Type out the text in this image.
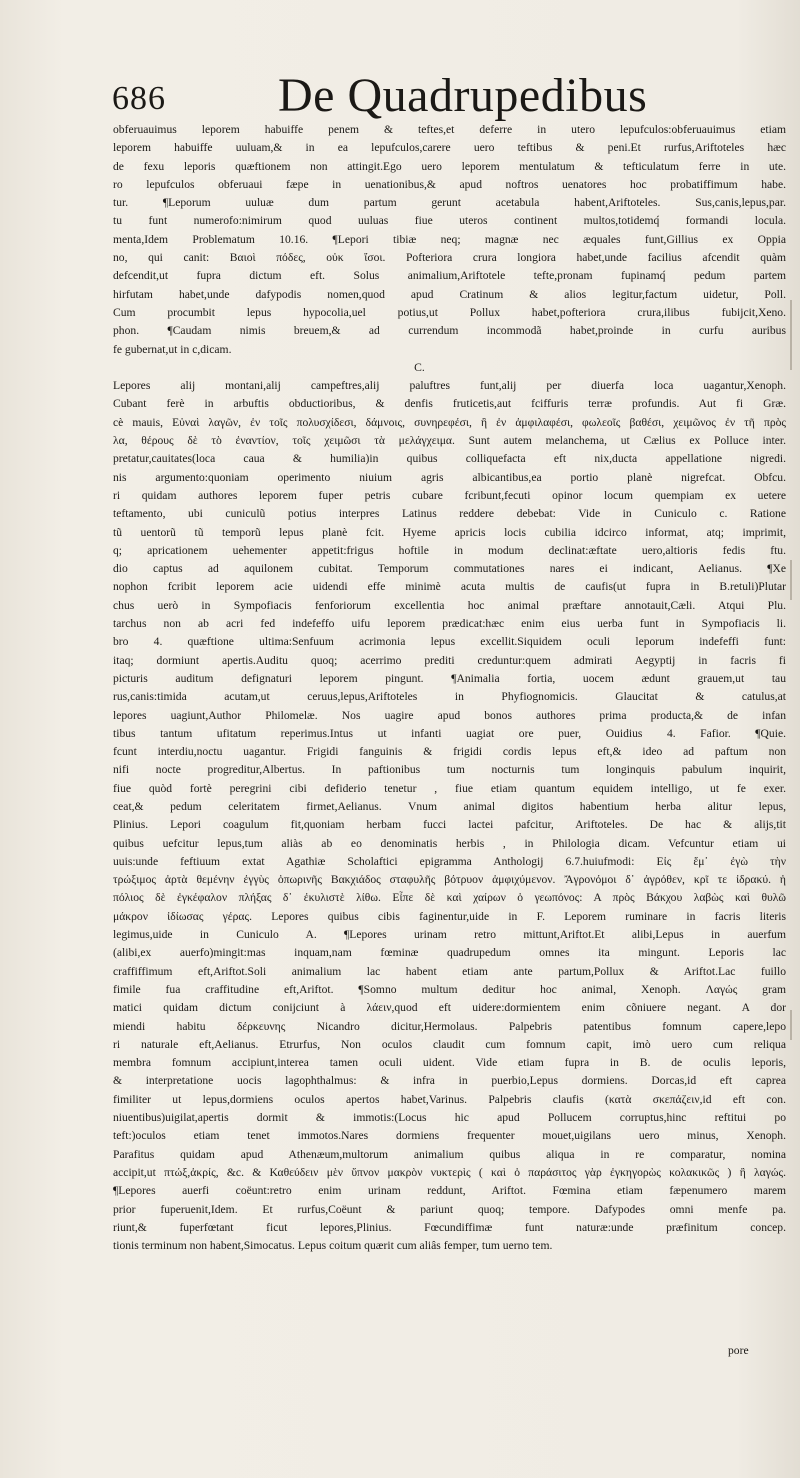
686 De Quadrupedibus
obferuauimus leporem habuiffe penem & teftes,et deferre in utero lepufculos:obferuauimus etiam
leporem habuiffe uuluam,& in ea lepufculos,carere uero teftibus & peni.Et rurfus,Ariftoteles hæc
de fexu leporis quæftionem non attingit.Ego uero leporem mentulatum & tefticulatum ferre in ute.
ro lepufculos obferuaui fæpe in uenationibus,& apud noftros uenatores hoc probatiffimum habe.
tur. ¶Leporum uuluæ dum partum gerunt acetabula habent,Ariftoteles. Sus,canis,lepus,par.
tu funt numerofo:nimirum quod uuluas fiue uteros continent multos,totidemq́ formandi locula.
menta,Idem Problematum 10.16. ¶Lepori tibiæ neq; magnæ nec æquales funt,Gillius ex Oppia
no, qui canit: Βαιοὶ πόδες, οὐκ ἴσοι. Pofteriora crura longiora habet,unde facilius afcendit quàm
defcendit,ut fupra dictum eft. Solus animalium,Ariftotele tefte,pronam fupinamq́ pedum partem
hirfutam habet,unde dafypodis nomen,quod apud Cratinum & alios legitur,factum uidetur, Poll.
Cum procumbit lepus hypocolia,uel potius,ut Pollux habet,pofteriora crura,ilibus fubijcit,Xeno.
phon. ¶Caudam nimis breuem,& ad currendum incommodã habet,proinde in curfu auribus
fe gubernat,ut in c,dicam.
C.
Lepores alij montani,alij campeftres,alij paluftres funt,alij per diuerfa loca uagantur,Xenoph.
Cubant ferè in arbuftis obductioribus, & denfis fruticetis,aut fciffuris terræ profundis. Aut fi Græ.
cè mauis, Εὐναὶ λαγῶν, ἐν τοῖς πολυσχίδεσι, δάμνοις, συνηρεφέσι, ἢ ἐν ἀμφιλαφέσι, φωλεοῖς βαθέσι, χειμῶνος ἐν τῆ πρὸς
λα, θέρους δὲ τὸ ἐναντίον, τοῖς χειμῶσι τὰ μελάγχειμα. Sunt autem melanchema, ut Cælius ex Polluce inter.
pretatur,cauitates(loca caua & humilia)in quibus colliquefacta eft nix,ducta appellatione nigredi.
nis argumento:quoniam operimento niuium agris albicantibus,ea portio planè nigrefcat. Obfcu.
ri quidam authores leporem fuper petris cubare fcribunt,fecuti opinor locum quempiam ex uetere
teftamento, ubi cuniculũ potius interpres Latinus reddere debebat: Vide in Cuniculo c. Ratione
tũ uentorũ tũ temporũ lepus planè fcit. Hyeme apricis locis cubilia idcirco informat, atq; imprimit,
q; apricationem uehementer appetit:frigus hoftile in modum declinat:æftate uero,altioris fedis ftu.
dio captus ad aquilonem cubitat. Temporum commutationes nares ei indicant, Aelianus. ¶Xe
nophon fcribit leporem acie uidendi effe minimè acuta multis de caufis(ut fupra in B.retuli)Plutar
chus uerò in Sympofiacis fenforiorum excellentia hoc animal præftare annotauit,Cæli. Atqui Plu.
tarchus non ab acri fed indefeffo uifu leporem prædicat:hæc enim eius uerba funt in Sympofiacis li.
bro 4. quæftione ultima:Senfuum acrimonia lepus excellit.Siquidem oculi leporum indefeffi funt:
itaq; dormiunt apertis.Auditu quoq; acerrimo prediti creduntur:quem admirati Aegyptij in facris fi
picturis auditum defignaturi leporem pingunt. ¶Animalia fortia, uocem ædunt grauem,ut tau
rus,canis:timida acutam,ut ceruus,lepus,Ariftoteles in Phyfiognomicis. Glaucitat & catulus,at
lepores uagiunt,Author Philomelæ. Nos uagire apud bonos authores prima producta,& de infan
tibus tantum ufitatum reperimus.Intus ut infanti uagiat ore puer, Ouidius 4. Fafior. ¶Quie.
fcunt interdiu,noctu uagantur. Frigidi fanguinis & frigidi cordis lepus eft,& ideo ad paftum non
nifi nocte progreditur,Albertus. In paftionibus tum nocturnis tum longinquis pabulum inquirit,
fiue quòd fortè peregrini cibi defiderio tenetur , fiue etiam quantum equidem intelligo, ut fe exer.
ceat,& pedum celeritatem firmet,Aelianus. Vnum animal digitos habentium herba alitur lepus,
Plinius. Lepori coagulum fit,quoniam herbam fucci lactei pafcitur, Ariftoteles. De hac & alijs,tit
quibus uefcitur lepus,tum aliàs ab eo denominatis herbis , in Philologia dicam. Vefcuntur etiam ui
uuis:unde feftiuum extat Agathiæ Scholaftici epigramma Anthologij 6.7.huiufmodi: Εἰς ἔμ᾽ ἐγὼ τὴν
τρώξιμος ἀρτὰ θεμένην ἐγγὺς ὁπωρινῆς Βακχιάδος σταφυλῆς βότρυον ἀμφιχύμενον. Ἄγρονόμοι δ᾽ ἀγρόθεν, κρῖ τε ἰδρακύ. ἡ
πόλιος δὲ ἐγκέφαλον πλήξας δ᾽ ἐκυλιστὲ λίθω. Εἶπε δὲ καὶ χαίρων ὁ γεωπόνος: Α πρὸς Βάκχου λαβὼς καὶ θυλῶ
μάκρον ἰδίωσας γέρας. Lepores quibus cibis faginentur,uide in F. Leporem ruminare in facris literis
legimus,uide in Cuniculo A. ¶Lepores urinam retro mittunt,Ariftot.Et alibi,Lepus in auerfum
(alibi,ex auerfo)mingit:mas inquam,nam fœminæ quadrupedum omnes ita mingunt. Leporis lac
craffiffimum eft,Ariftot.Soli animalium lac habent etiam ante partum,Pollux & Ariftot.Lac fuillo
fimile fua craffitudine eft,Ariftot. ¶Somno multum deditur hoc animal, Xenoph. Λαγώς gram
matici quidam dictum conijciunt à λάειν,quod eft uidere:dormientem enim cõniuere negant. A dor
miendi habitu δέρκευνης Nicandro dicitur,Hermolaus. Palpebris patentibus fomnum capere,lepo
ri naturale eft,Aelianus. Etrurfus, Non oculos claudit cum fomnum capit, imò uero cum reliqua
membra fomnum accipiunt,interea tamen oculi uident. Vide etiam fupra in B. de oculis leporis,
& interpretatione uocis lagophthalmus: & infra in puerbio,Lepus dormiens. Dorcas,id eft caprea
fimiliter ut lepus,dormiens oculos apertos habet,Varinus. Palpebris claufis (κατὰ σκεπάζειν,id eft con.
niuentibus)uigilat,apertis dormit & immotis:(Locus hic apud Pollucem corruptus,hinc reftitui po
teft:)oculos etiam tenet immotos.Nares dormiens frequenter mouet,uigilans uero minus, Xenoph.
Parafitus quidam apud Athenæum,multorum animalium quibus aliqua in re comparatur, nomina
accipit,ut πτώξ,ἀκρίς, &c. & Καθεύδειν μὲν ὕπνον μακρὸν νυκτερὶς ( καὶ ὁ παράσιτος γὰρ ἐγκηγορὼς κολακικῶς ) ἢ λαγώς.
¶Lepores auerfi coëunt:retro enim urinam reddunt, Ariftot. Fœmina etiam fæpenumero marem
prior fuperuenit,Idem. Et rurfus,Coëunt & pariunt quoq; tempore. Dafypodes omni menfe pa.
riunt,& fuperfœtant ficut lepores,Plinius. Fœcundiffimæ funt naturæ:unde præfinitum concep.
tionis terminum non habent,Simocatus. Lepus coitum quærit cum aliâs femper, tum uerno tem.
pore
